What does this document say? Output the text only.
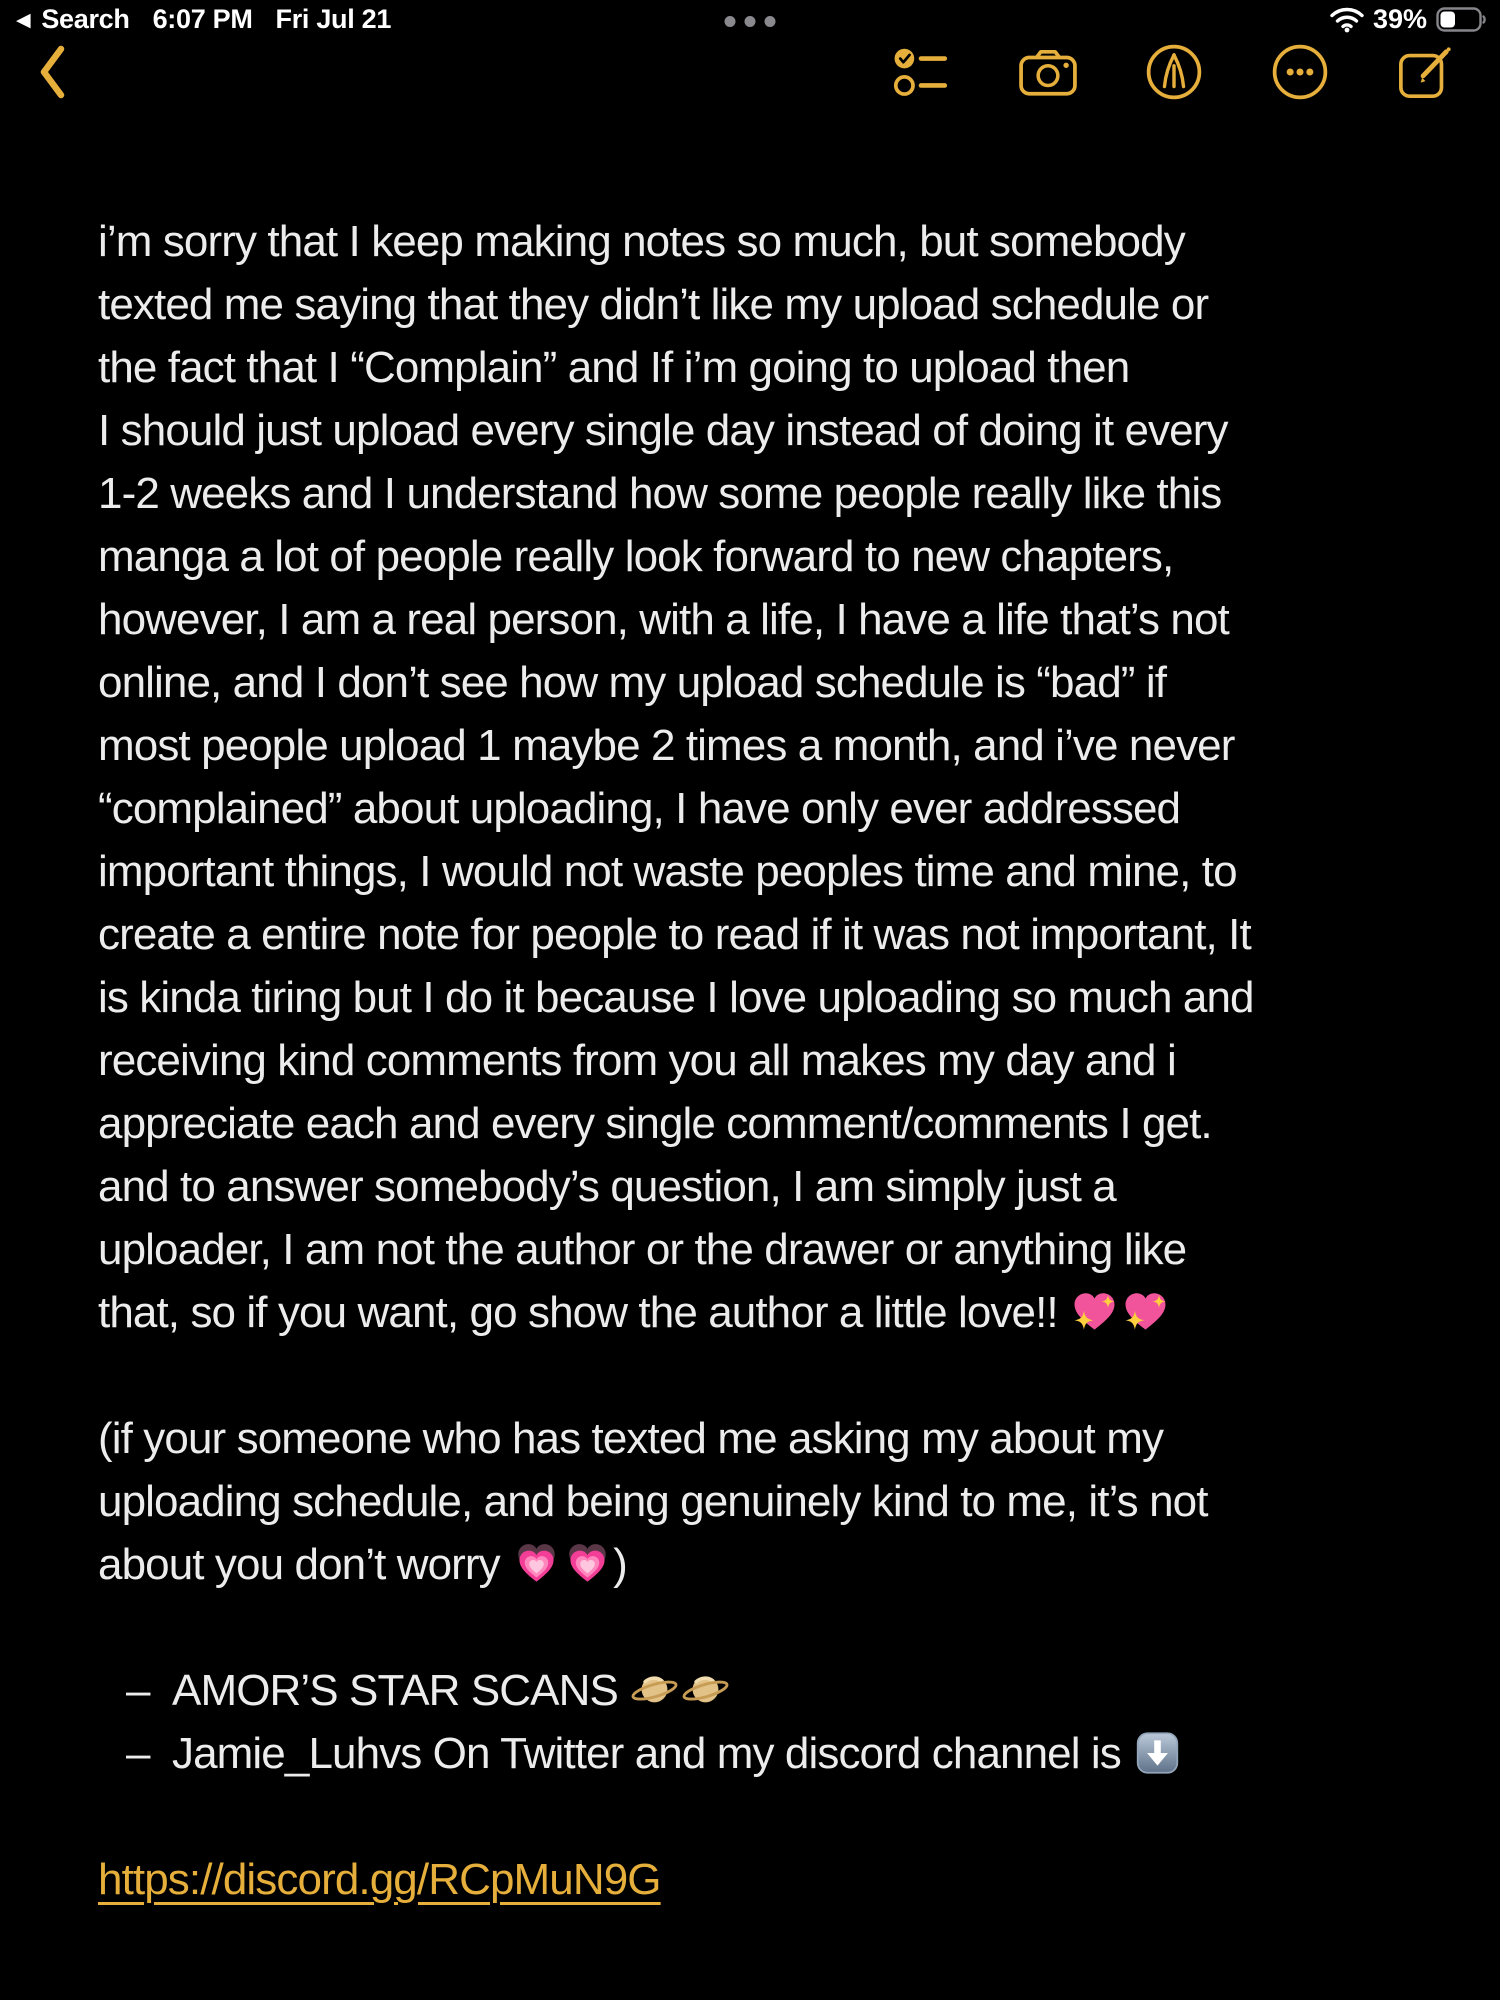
◀ Search 6:07 PM Fri Jul 21	39%
i’m sorry that I keep making notes so much, but somebody
texted me saying that they didn’t like my upload schedule or
the fact that I “Complain” and If i’m going to upload then
I should just upload every single day instead of doing it every
1-2 weeks and I understand how some people really like this
manga a lot of people really look forward to new chapters,
however, I am a real person, with a life, I have a life that’s not
online, and I don’t see how my upload schedule is “bad” if
most people upload 1 maybe 2 times a month, and i’ve never
“complained” about uploading, I have only ever addressed
important things, I would not waste peoples time and mine, to
create a entire note for people to read if it was not important, It
is kinda tiring but I do it because I love uploading so much and
receiving kind comments from you all makes my day and i
appreciate each and every single comment/comments I get.
and to answer somebody’s question, I am simply just a
uploader, I am not the author or the drawer or anything like
that, so if you want, go show the author a little love!!
(if your someone who has texted me asking my about my
uploading schedule, and being genuinely kind to me, it’s not
about you don’t worry
)
– AMOR’S STAR SCANS
– Jamie_Luhvs On Twitter and my discord channel is
https://discord.gg/RCpMuN9G
